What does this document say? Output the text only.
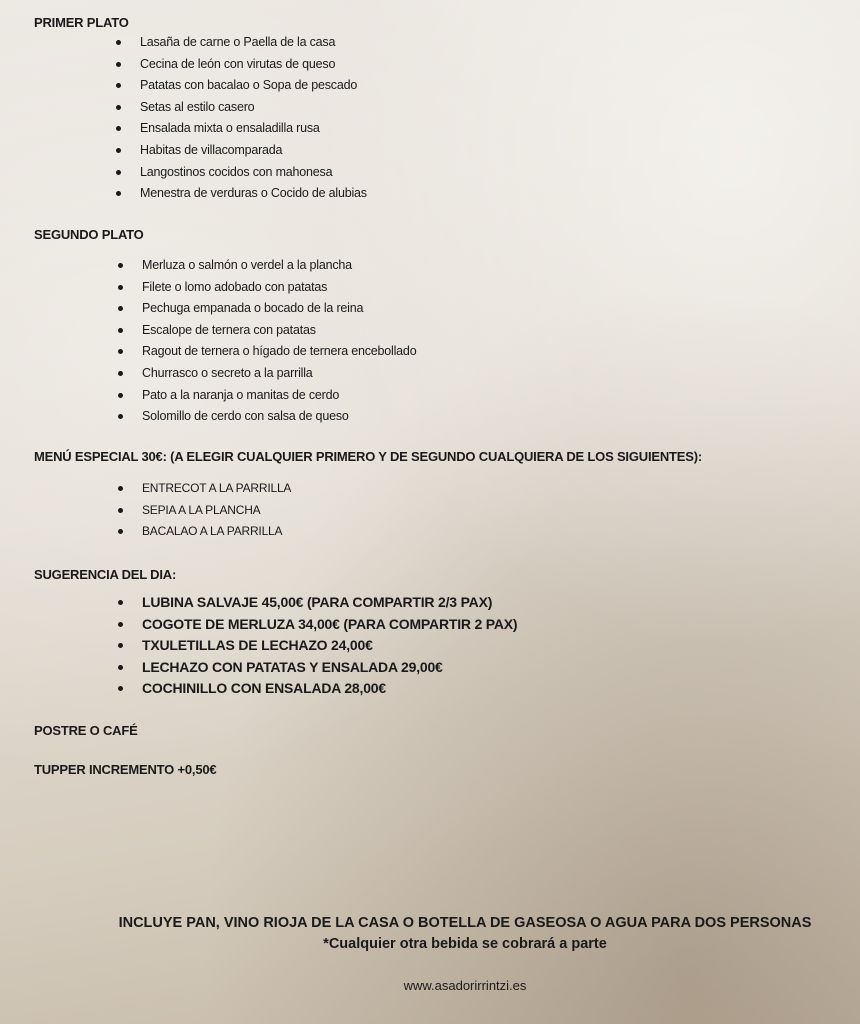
PRIMER PLATO
Lasaña de carne o Paella de la casa
Cecina de león con virutas de queso
Patatas con bacalao o Sopa de pescado
Setas al estilo casero
Ensalada mixta o ensaladilla rusa
Habitas de villacomparada
Langostinos cocidos con mahonesa
Menestra de verduras o Cocido de alubias
SEGUNDO PLATO
Merluza o salmón o verdel a la plancha
Filete o lomo adobado con patatas
Pechuga empanada o bocado de la reina
Escalope de ternera con patatas
Ragout de ternera o hígado de ternera encebollado
Churrasco o secreto a la parrilla
Pato a la naranja o manitas de cerdo
Solomillo de cerdo con salsa de queso
MENÚ ESPECIAL 30€: (A ELEGIR CUALQUIER PRIMERO Y DE SEGUNDO CUALQUIERA DE LOS SIGUIENTES):
ENTRECOT A LA PARRILLA
SEPIA A LA PLANCHA
BACALAO A LA PARRILLA
SUGERENCIA DEL DIA:
LUBINA SALVAJE 45,00€ (PARA COMPARTIR 2/3 PAX)
COGOTE DE MERLUZA 34,00€ (PARA COMPARTIR 2 PAX)
TXULETILLAS DE LECHAZO 24,00€
LECHAZO CON PATATAS Y ENSALADA 29,00€
COCHINILLO CON ENSALADA 28,00€
POSTRE O CAFÉ
TUPPER INCREMENTO +0,50€
INCLUYE PAN, VINO RIOJA DE LA CASA O BOTELLA DE GASEOSA O AGUA PARA DOS PERSONAS
*Cualquier otra bebida se cobrará a parte
www.asadorirrintzi.es
